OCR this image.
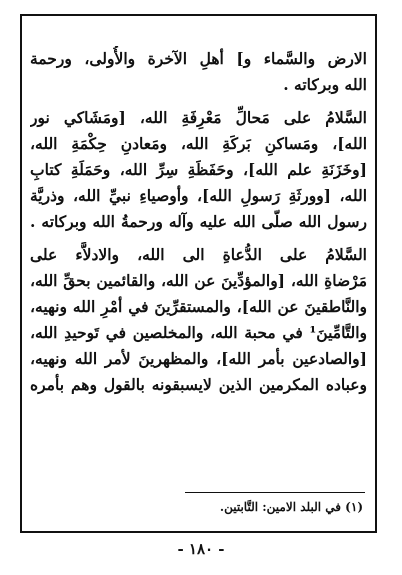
الارض والسَّماء و] أهلِ الآخرة والأُولى، ورحمة
الله وبركاته .
السَّلامُ على مَحالِّ مَعْرِفَةِ الله، [ومَشَاكي نور
الله]، ومَساكنِ بَركَةِ الله، ومَعادنِ حِكْمَةِ الله،
[وخَزَنَةِ علم الله]، وحَفَظَةِ سِرِّ الله، وحَمَلَةِ كتابِ
الله، [وورثَةِ رَسولِ الله]، وأوصياءِ نبيِّ الله، وذريَّة
رسول الله صلّى الله عليه وآله ورحمةُ الله وبركاته .
السَّلامُ على الدُّعاةِ الى الله، والادلاَّء على
مَرْضاةِ الله، [والمؤدِّينَ عن الله، والقائمين بحقِّ الله،
والنَّاطقينَ عن الله]، والمستقرِّينَ في أمْرِ الله ونهيه،
والتَّامِّينَ¹ في محبة الله، والمخلصين في تَوحيدِ الله،
[والصادعين بأمر الله]، والمظهرينَ لأمر الله ونهيه،
وعباده المكرمين الذين لايسبقونه بالقول وهم بأمره
(١) في البلد الامين: التَّابتين.
- ١٨٠ -
